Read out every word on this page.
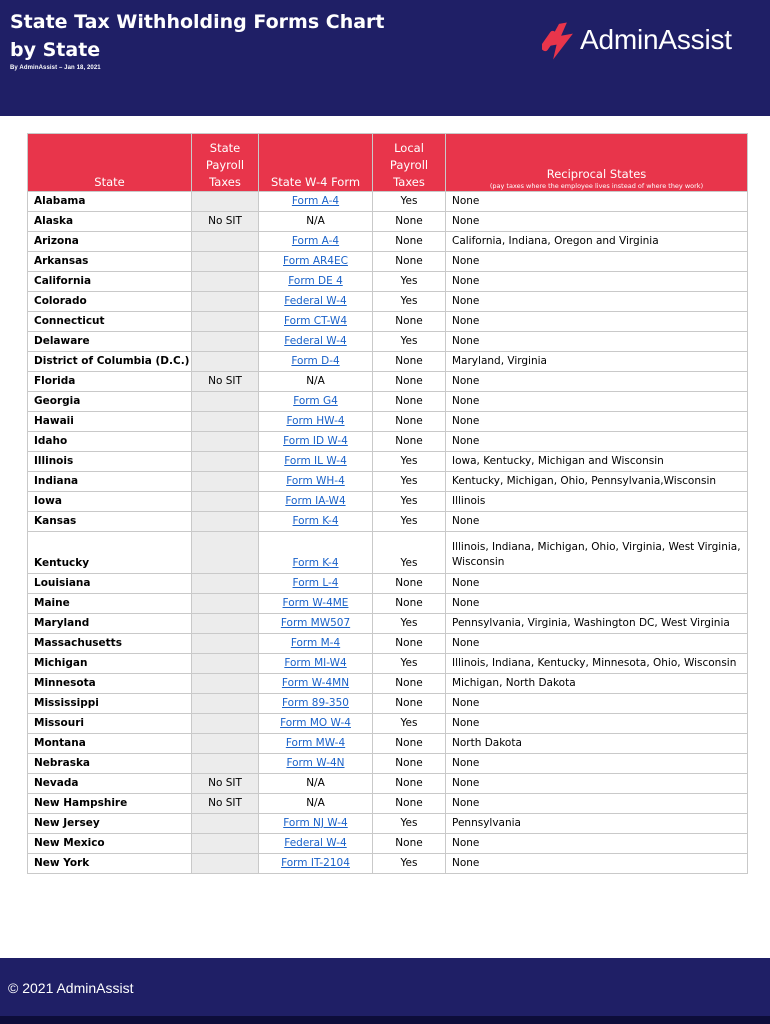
State Tax Withholding Forms Chart by State
By AdminAssist – Jan 18, 2021
AdminAssist
State	State Payroll Taxes	State W-4 Form	Local Payroll Taxes	Reciprocal States
(pay taxes where the employee lives instead of where they work)

Alabama		Form A-4	Yes	None
Alaska	No SIT	N/A	None	None
Arizona		Form A-4	None	California, Indiana, Oregon and Virginia
Arkansas		Form AR4EC	None	None
California		Form DE 4	Yes	None
Colorado		Federal W-4	Yes	None
Connecticut		Form CT-W4	None	None
Delaware		Federal W-4	Yes	None
District of Columbia (D.C.)		Form D-4	None	Maryland, Virginia
Florida	No SIT	N/A	None	None
Georgia		Form G4	None	None
Hawaii		Form HW-4	None	None
Idaho		Form ID W-4	None	None
Illinois		Form IL W-4	Yes	Iowa, Kentucky, Michigan and Wisconsin
Indiana		Form WH-4	Yes	Kentucky, Michigan, Ohio, Pennsylvania,Wisconsin
Iowa		Form IA-W4	Yes	Illinois
Kansas		Form K-4	Yes	None
Kentucky		Form K-4	Yes	Illinois, Indiana, Michigan, Ohio, Virginia, West Virginia, Wisconsin
Louisiana		Form L-4	None	None
Maine		Form W-4ME	None	None
Maryland		Form MW507	Yes	Pennsylvania, Virginia, Washington DC, West Virginia
Massachusetts		Form M-4	None	None
Michigan		Form MI-W4	Yes	Illinois, Indiana, Kentucky, Minnesota, Ohio, Wisconsin
Minnesota		Form W-4MN	None	Michigan, North Dakota
Mississippi		Form 89-350	None	None
Missouri		Form MO W-4	Yes	None
Montana		Form MW-4	None	North Dakota
Nebraska		Form W-4N	None	None
Nevada	No SIT	N/A	None	None
New Hampshire	No SIT	N/A	None	None
New Jersey		Form NJ W-4	Yes	Pennsylvania
New Mexico		Federal W-4	None	None
New York		Form IT-2104	Yes	None
© 2021 AdminAssist
